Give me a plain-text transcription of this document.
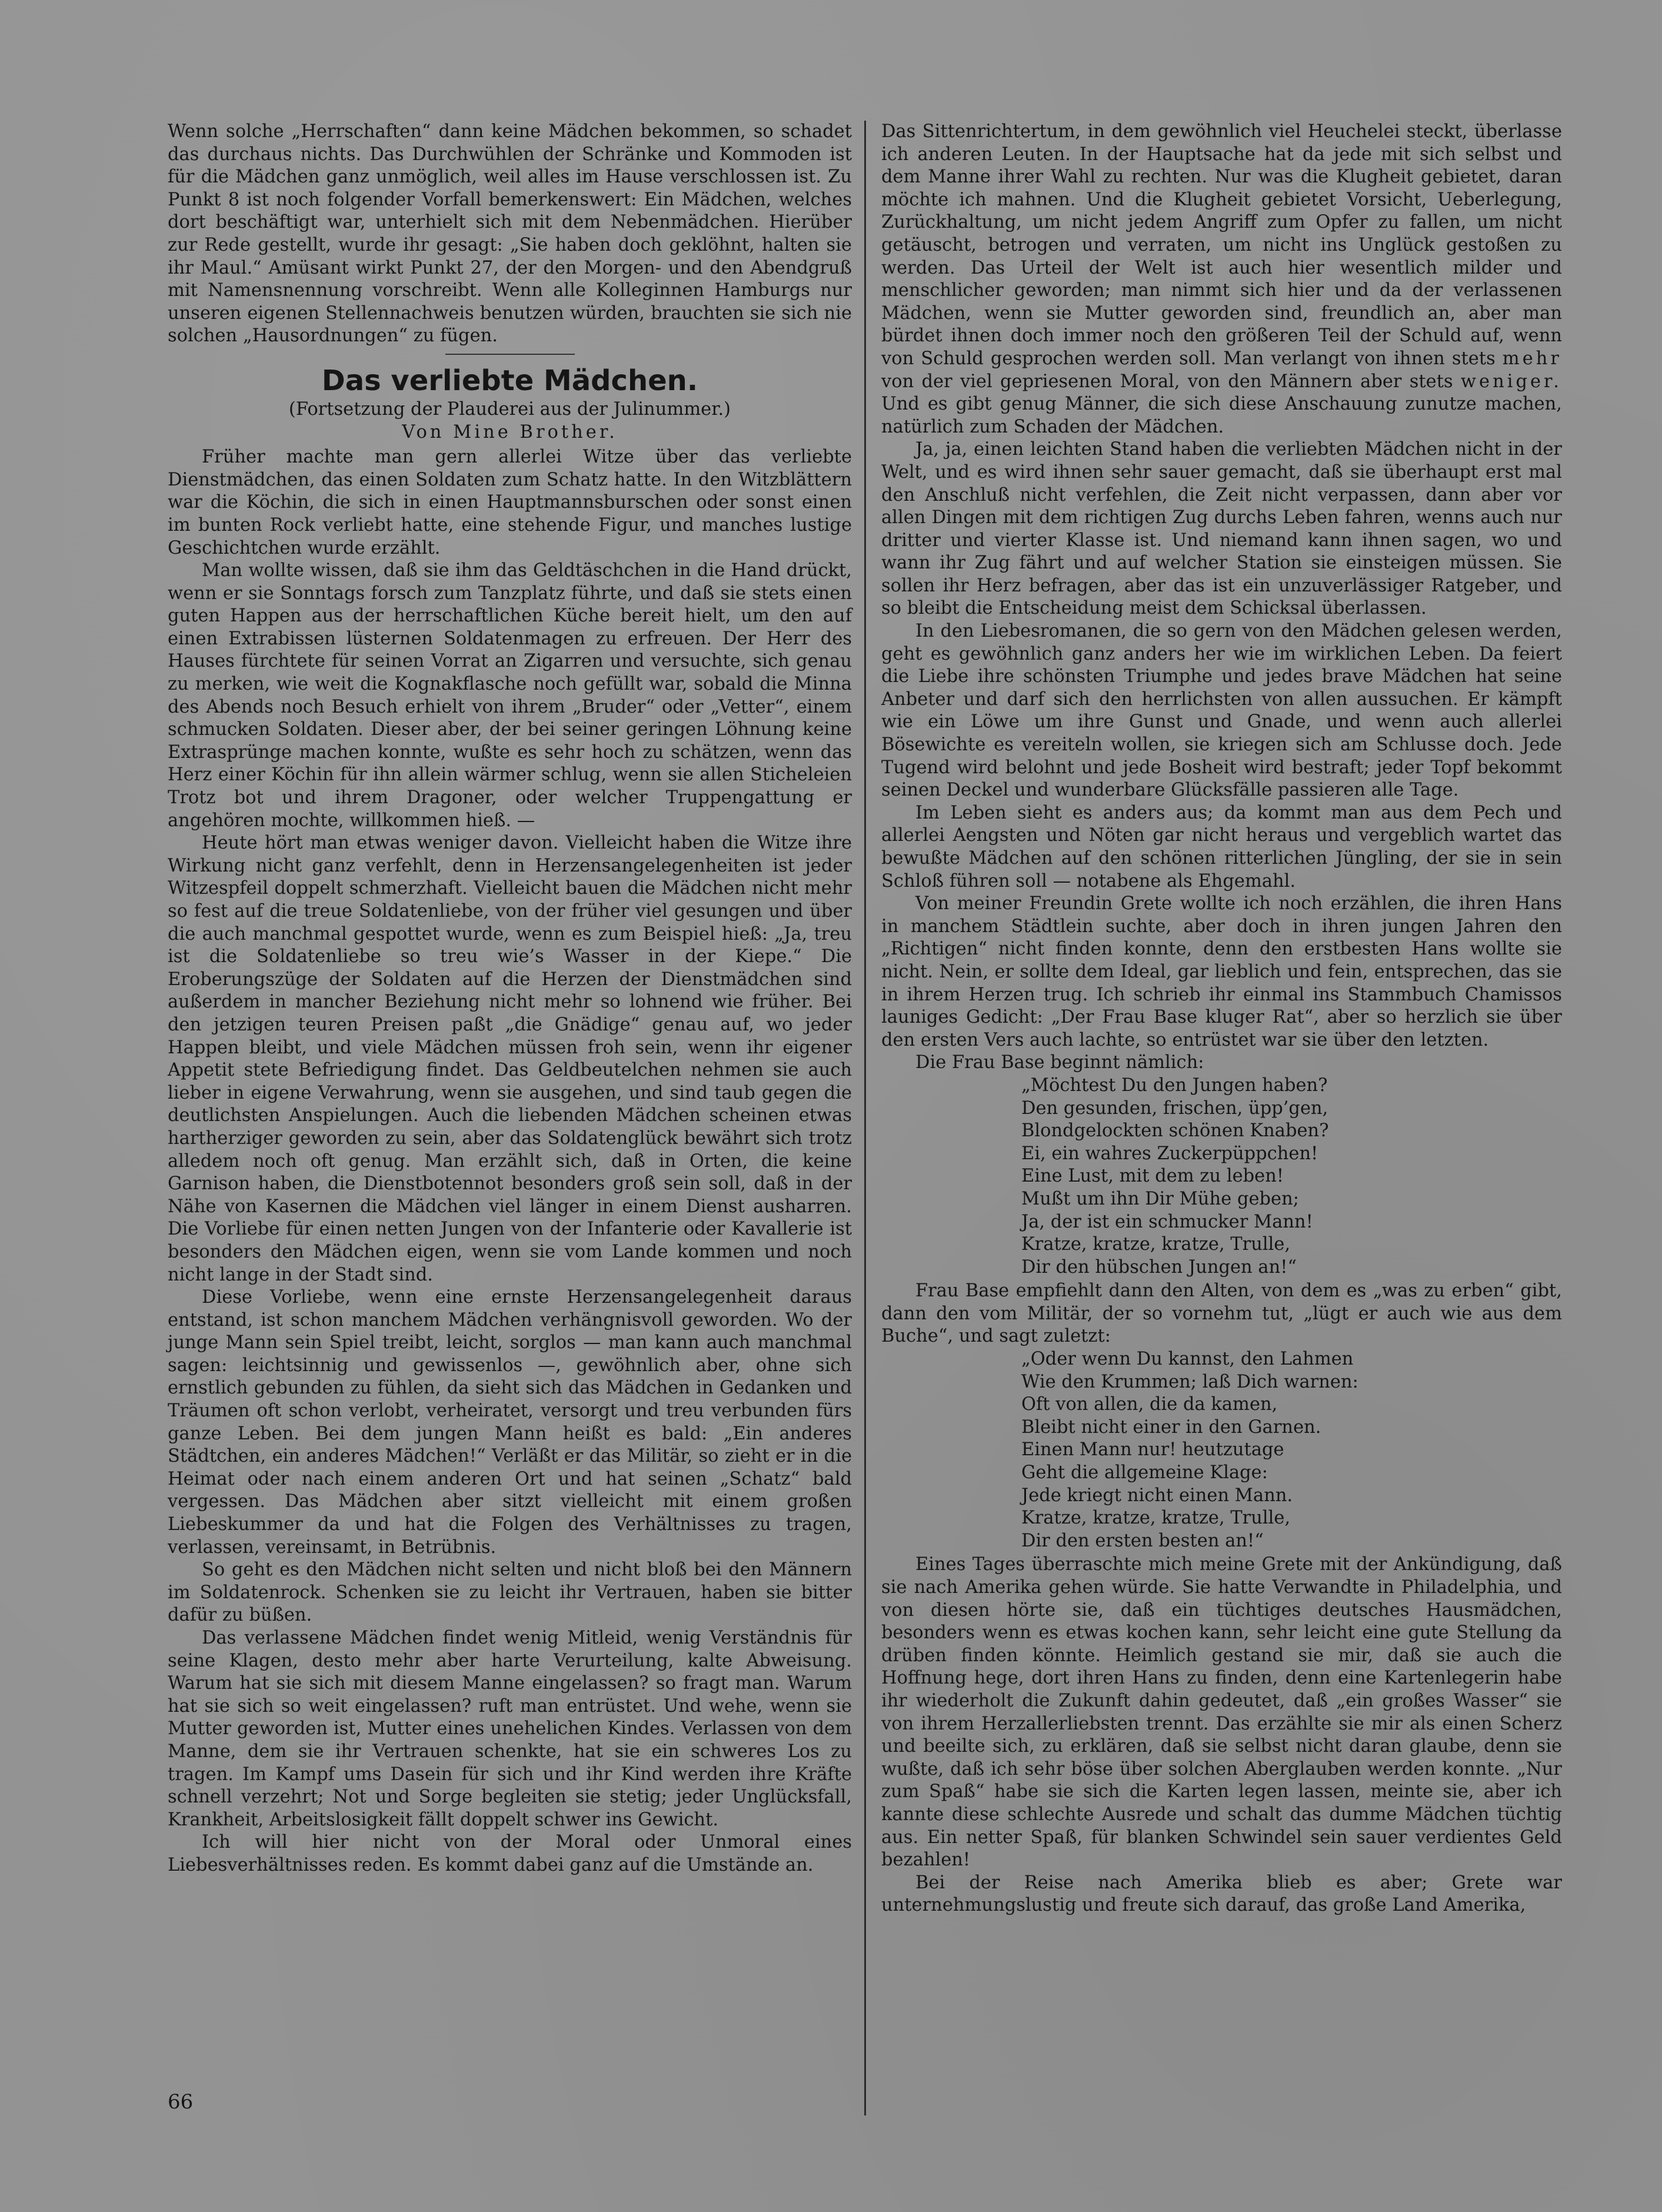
Wenn solche „Herrschaften“ dann keine Mädchen bekommen, so schadet das durchaus nichts. Das Durchwühlen der Schränke und Kommoden ist für die Mädchen ganz unmöglich, weil alles im Hause verschlossen ist. Zu Punkt 8 ist noch folgender Vorfall bemerkenswert: Ein Mädchen, welches dort beschäftigt war, unterhielt sich mit dem Nebenmädchen. Hierüber zur Rede gestellt, wurde ihr gesagt: „Sie haben doch geklöhnt, halten sie ihr Maul.“ Amüsant wirkt Punkt 27, der den Morgen- und den Abendgruß mit Namensnennung vorschreibt. Wenn alle Kolleginnen Hamburgs nur unseren eigenen Stellennachweis benutzen würden, brauchten sie sich nie solchen „Hausordnungen“ zu fügen.

Das verliebte Mädchen.

(Fortsetzung der Plauderei aus der Julinummer.)

Von Mine Brother.

Früher machte man gern allerlei Witze über das verliebte Dienstmädchen, das einen Soldaten zum Schatz hatte. In den Witzblättern war die Köchin, die sich in einen Hauptmannsburschen oder sonst einen im bunten Rock verliebt hatte, eine stehende Figur, und manches lustige Geschichtchen wurde erzählt.

Man wollte wissen, daß sie ihm das Geldtäschchen in die Hand drückt, wenn er sie Sonntags forsch zum Tanzplatz führte, und daß sie stets einen guten Happen aus der herrschaftlichen Küche bereit hielt, um den auf einen Extrabissen lüsternen Soldatenmagen zu erfreuen. Der Herr des Hauses fürchtete für seinen Vorrat an Zigarren und versuchte, sich genau zu merken, wie weit die Kognakflasche noch gefüllt war, sobald die Minna des Abends noch Besuch erhielt von ihrem „Bruder“ oder „Vetter“, einem schmucken Soldaten. Dieser aber, der bei seiner geringen Löhnung keine Extrasprünge machen konnte, wußte es sehr hoch zu schätzen, wenn das Herz einer Köchin für ihn allein wärmer schlug, wenn sie allen Sticheleien Trotz bot und ihrem Dragoner, oder welcher Truppengattung er angehören mochte, willkommen hieß. —

Heute hört man etwas weniger davon. Vielleicht haben die Witze ihre Wirkung nicht ganz verfehlt, denn in Herzensangelegenheiten ist jeder Witzespfeil doppelt schmerzhaft. Vielleicht bauen die Mädchen nicht mehr so fest auf die treue Soldatenliebe, von der früher viel gesungen und über die auch manchmal gespottet wurde, wenn es zum Beispiel hieß: „Ja, treu ist die Soldatenliebe so treu wie’s Wasser in der Kiepe.“ Die Eroberungszüge der Soldaten auf die Herzen der Dienstmädchen sind außerdem in mancher Beziehung nicht mehr so lohnend wie früher. Bei den jetzigen teuren Preisen paßt „die Gnädige“ genau auf, wo jeder Happen bleibt, und viele Mädchen müssen froh sein, wenn ihr eigener Appetit stete Befriedigung findet. Das Geldbeutelchen nehmen sie auch lieber in eigene Verwahrung, wenn sie ausgehen, und sind taub gegen die deutlichsten Anspielungen. Auch die liebenden Mädchen scheinen etwas hartherziger geworden zu sein, aber das Soldatenglück bewährt sich trotz alledem noch oft genug. Man erzählt sich, daß in Orten, die keine Garnison haben, die Dienstbotennot besonders groß sein soll, daß in der Nähe von Kasernen die Mädchen viel länger in einem Dienst ausharren. Die Vorliebe für einen netten Jungen von der Infanterie oder Kavallerie ist besonders den Mädchen eigen, wenn sie vom Lande kommen und noch nicht lange in der Stadt sind.

Diese Vorliebe, wenn eine ernste Herzensangelegenheit daraus entstand, ist schon manchem Mädchen verhängnisvoll geworden. Wo der junge Mann sein Spiel treibt, leicht, sorglos — man kann auch manchmal sagen: leichtsinnig und gewissenlos —, gewöhnlich aber, ohne sich ernstlich gebunden zu fühlen, da sieht sich das Mädchen in Gedanken und Träumen oft schon verlobt, verheiratet, versorgt und treu verbunden fürs ganze Leben. Bei dem jungen Mann heißt es bald: „Ein anderes Städtchen, ein anderes Mädchen!“ Verläßt er das Militär, so zieht er in die Heimat oder nach einem anderen Ort und hat seinen „Schatz“ bald vergessen. Das Mädchen aber sitzt vielleicht mit einem großen Liebeskummer da und hat die Folgen des Verhältnisses zu tragen, verlassen, vereinsamt, in Betrübnis.

So geht es den Mädchen nicht selten und nicht bloß bei den Männern im Soldatenrock. Schenken sie zu leicht ihr Vertrauen, haben sie bitter dafür zu büßen.

Das verlassene Mädchen findet wenig Mitleid, wenig Verständnis für seine Klagen, desto mehr aber harte Verurteilung, kalte Abweisung. Warum hat sie sich mit diesem Manne eingelassen? so fragt man. Warum hat sie sich so weit eingelassen? ruft man entrüstet. Und wehe, wenn sie Mutter geworden ist, Mutter eines unehelichen Kindes. Verlassen von dem Manne, dem sie ihr Vertrauen schenkte, hat sie ein schweres Los zu tragen. Im Kampf ums Dasein für sich und ihr Kind werden ihre Kräfte schnell verzehrt; Not und Sorge begleiten sie stetig; jeder Unglücksfall, Krankheit, Arbeitslosigkeit fällt doppelt schwer ins Gewicht.

Ich will hier nicht von der Moral oder Unmoral eines Liebesverhältnisses reden. Es kommt dabei ganz auf die Umstände an.

Das Sittenrichtertum, in dem gewöhnlich viel Heuchelei steckt, überlasse ich anderen Leuten. In der Hauptsache hat da jede mit sich selbst und dem Manne ihrer Wahl zu rechten. Nur was die Klugheit gebietet, daran möchte ich mahnen. Und die Klugheit gebietet Vorsicht, Ueberlegung, Zurückhaltung, um nicht jedem Angriff zum Opfer zu fallen, um nicht getäuscht, betrogen und verraten, um nicht ins Unglück gestoßen zu werden. Das Urteil der Welt ist auch hier wesentlich milder und menschlicher geworden; man nimmt sich hier und da der verlassenen Mädchen, wenn sie Mutter geworden sind, freundlich an, aber man bürdet ihnen doch immer noch den größeren Teil der Schuld auf, wenn von Schuld gesprochen werden soll. Man verlangt von ihnen stets mehr von der viel gepriesenen Moral, von den Männern aber stets weniger. Und es gibt genug Männer, die sich diese Anschauung zunutze machen, natürlich zum Schaden der Mädchen.

Ja, ja, einen leichten Stand haben die verliebten Mädchen nicht in der Welt, und es wird ihnen sehr sauer gemacht, daß sie überhaupt erst mal den Anschluß nicht verfehlen, die Zeit nicht verpassen, dann aber vor allen Dingen mit dem richtigen Zug durchs Leben fahren, wenns auch nur dritter und vierter Klasse ist. Und niemand kann ihnen sagen, wo und wann ihr Zug fährt und auf welcher Station sie einsteigen müssen. Sie sollen ihr Herz befragen, aber das ist ein unzuverlässiger Ratgeber, und so bleibt die Entscheidung meist dem Schicksal überlassen.

In den Liebesromanen, die so gern von den Mädchen gelesen werden, geht es gewöhnlich ganz anders her wie im wirklichen Leben. Da feiert die Liebe ihre schönsten Triumphe und jedes brave Mädchen hat seine Anbeter und darf sich den herrlichsten von allen aussuchen. Er kämpft wie ein Löwe um ihre Gunst und Gnade, und wenn auch allerlei Bösewichte es vereiteln wollen, sie kriegen sich am Schlusse doch. Jede Tugend wird belohnt und jede Bosheit wird bestraft; jeder Topf bekommt seinen Deckel und wunderbare Glücksfälle passieren alle Tage.

Im Leben sieht es anders aus; da kommt man aus dem Pech und allerlei Aengsten und Nöten gar nicht heraus und vergeblich wartet das bewußte Mädchen auf den schönen ritterlichen Jüngling, der sie in sein Schloß führen soll — notabene als Ehgemahl.

Von meiner Freundin Grete wollte ich noch erzählen, die ihren Hans in manchem Städtlein suchte, aber doch in ihren jungen Jahren den „Richtigen“ nicht finden konnte, denn den erstbesten Hans wollte sie nicht. Nein, er sollte dem Ideal, gar lieblich und fein, entsprechen, das sie in ihrem Herzen trug. Ich schrieb ihr einmal ins Stammbuch Chamissos launiges Gedicht: „Der Frau Base kluger Rat“, aber so herzlich sie über den ersten Vers auch lachte, so entrüstet war sie über den letzten.

Die Frau Base beginnt nämlich:

„Möchtest Du den Jungen haben?
Den gesunden, frischen, üpp’gen,
Blondgelockten schönen Knaben?
Ei, ein wahres Zuckerpüppchen!
Eine Lust, mit dem zu leben!
Mußt um ihn Dir Mühe geben;
Ja, der ist ein schmucker Mann!
Kratze, kratze, kratze, Trulle,
Dir den hübschen Jungen an!“

Frau Base empfiehlt dann den Alten, von dem es „was zu erben“ gibt, dann den vom Militär, der so vornehm tut, „lügt er auch wie aus dem Buche“, und sagt zuletzt:

„Oder wenn Du kannst, den Lahmen
Wie den Krummen; laß Dich warnen:
Oft von allen, die da kamen,
Bleibt nicht einer in den Garnen.
Einen Mann nur! heutzutage
Geht die allgemeine Klage:
Jede kriegt nicht einen Mann.
Kratze, kratze, kratze, Trulle,
Dir den ersten besten an!“

Eines Tages überraschte mich meine Grete mit der Ankündigung, daß sie nach Amerika gehen würde. Sie hatte Verwandte in Philadelphia, und von diesen hörte sie, daß ein tüchtiges deutsches Hausmädchen, besonders wenn es etwas kochen kann, sehr leicht eine gute Stellung da drüben finden könnte. Heimlich gestand sie mir, daß sie auch die Hoffnung hege, dort ihren Hans zu finden, denn eine Kartenlegerin habe ihr wiederholt die Zukunft dahin gedeutet, daß „ein großes Wasser“ sie von ihrem Herzallerliebsten trennt. Das erzählte sie mir als einen Scherz und beeilte sich, zu erklären, daß sie selbst nicht daran glaube, denn sie wußte, daß ich sehr böse über solchen Aberglauben werden konnte. „Nur zum Spaß“ habe sie sich die Karten legen lassen, meinte sie, aber ich kannte diese schlechte Ausrede und schalt das dumme Mädchen tüchtig aus. Ein netter Spaß, für blanken Schwindel sein sauer verdientes Geld bezahlen!

Bei der Reise nach Amerika blieb es aber; Grete war unternehmungslustig und freute sich darauf, das große Land Amerika,

66
